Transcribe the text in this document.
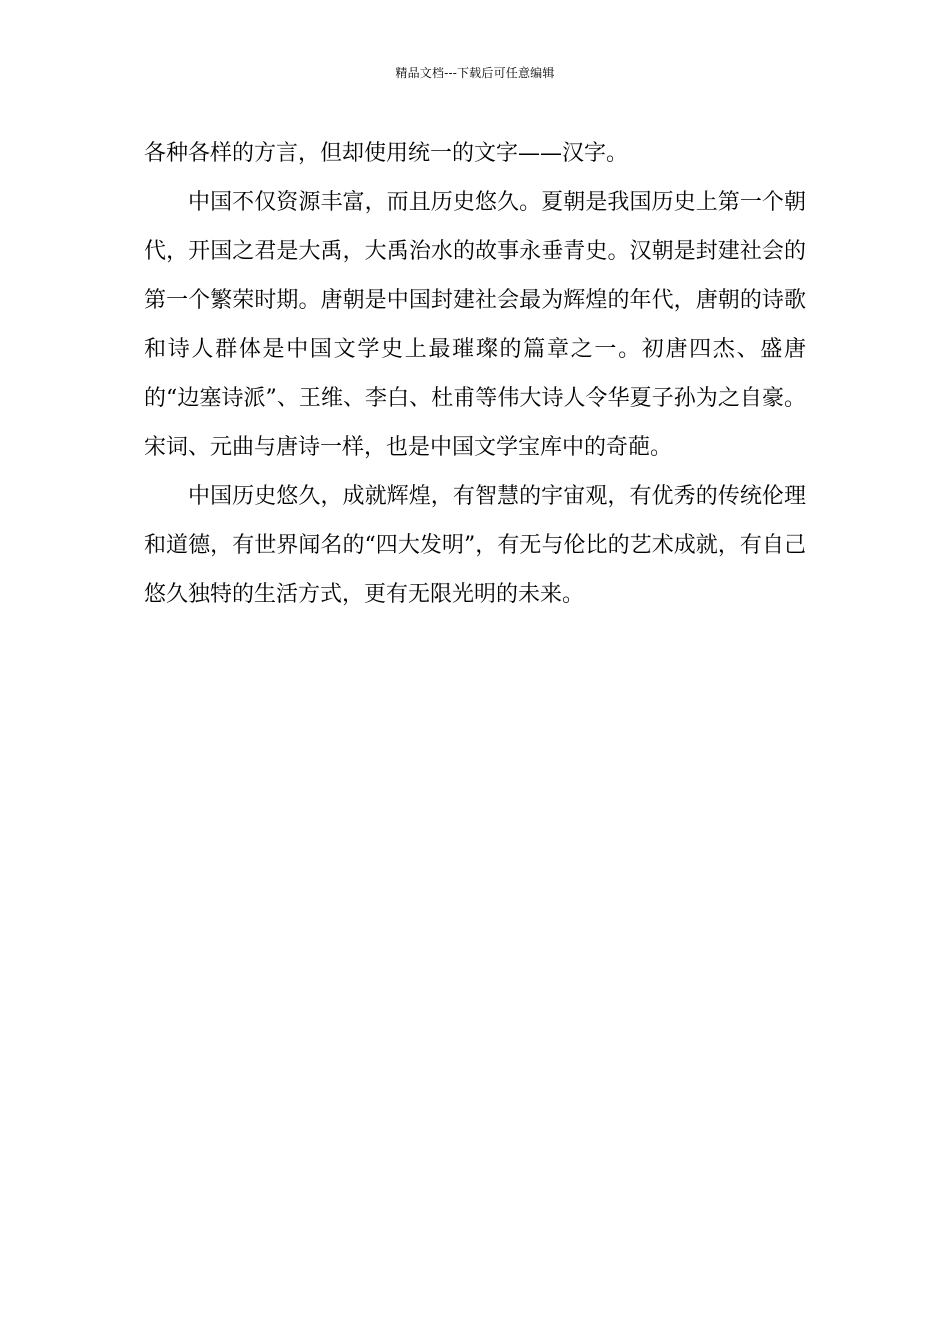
精品文档---下载后可任意编辑

各种各样的方言，但却使用统一的文字——汉字。

中国不仅资源丰富，而且历史悠久。夏朝是我国历史上第一个朝代，开国之君是大禹，大禹治水的故事永垂青史。汉朝是封建社会的第一个繁荣时期。唐朝是中国封建社会最为辉煌的年代，唐朝的诗歌和诗人群体是中国文学史上最璀璨的篇章之一。初唐四杰、盛唐的“边塞诗派”、王维、李白、杜甫等伟大诗人令华夏子孙为之自豪。宋词、元曲与唐诗一样，也是中国文学宝库中的奇葩。

中国历史悠久，成就辉煌，有智慧的宇宙观，有优秀的传统伦理和道德，有世界闻名的“四大发明”，有无与伦比的艺术成就，有自己悠久独特的生活方式，更有无限光明的未来。
